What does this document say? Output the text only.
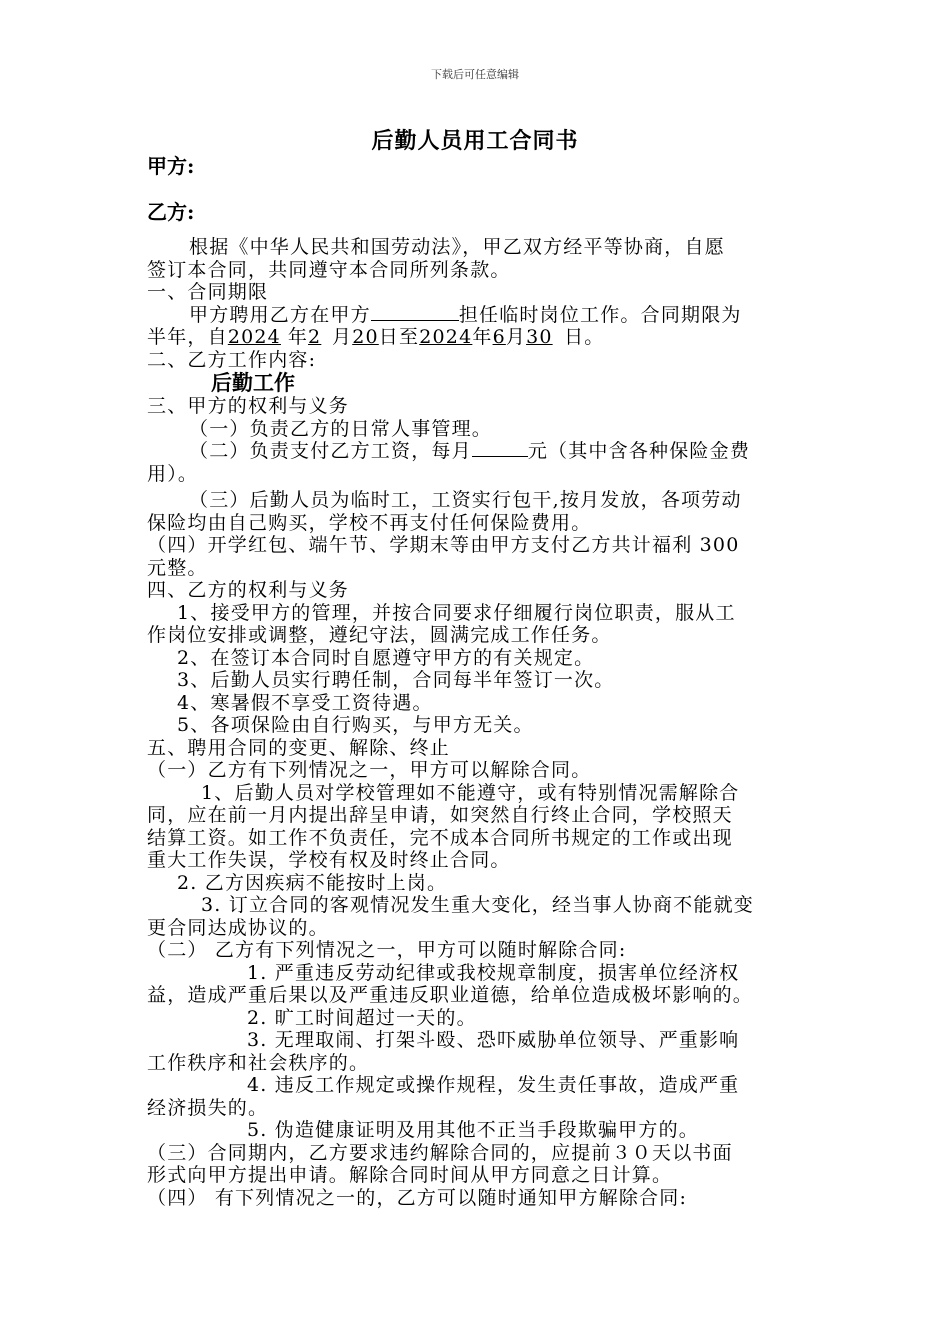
下载后可任意编辑
后勤人员用工合同书
甲方:
乙方:
根据《中华人民共和国劳动法》，甲乙双方经平等协商，自愿
签订本合同，共同遵守本合同所列条款。
一、合同期限
甲方聘用乙方在甲方	担任临时岗位工作。合同期限为
半年，自2024年2 月20日至2024年6月30日。
二、乙方工作内容:
后勤工作
三、甲方的权利与义务
（一）负责乙方的日常人事管理。
（二）负责支付乙方工资，每月	元（其中含各种保险金费
用）。
（三）后勤人员为临时工，工资实行包干,按月发放，各项劳动
保险均由自己购买，学校不再支付任何保险费用。
（四）开学红包、端午节、学期末等由甲方支付乙方共计福利 300
元整。
四、乙方的权利与义务
1、接受甲方的管理，并按合同要求仔细履行岗位职责，服从工
作岗位安排或调整，遵纪守法，圆满完成工作任务。
2、在签订本合同时自愿遵守甲方的有关规定。
3、后勤人员实行聘任制，合同每半年签订一次。
4、寒暑假不享受工资待遇。
5、各项保险由自行购买，与甲方无关。
五、聘用合同的变更、解除、终止
（一）乙方有下列情况之一，甲方可以解除合同。
1、后勤人员对学校管理如不能遵守，或有特别情况需解除合
同，应在前一月内提出辞呈申请，如突然自行终止合同，学校照天
结算工资。如工作不负责任，完不成本合同所书规定的工作或出现
重大工作失误，学校有权及时终止合同。
2. 乙方因疾病不能按时上岗。
3. 订立合同的客观情况发生重大变化，经当事人协商不能就变
更合同达成协议的。
（二） 乙方有下列情况之一，甲方可以随时解除合同:
1. 严重违反劳动纪律或我校规章制度，损害单位经济权
益，造成严重后果以及严重违反职业道德，给单位造成极坏影响的。
2. 旷工时间超过一天的。
3. 无理取闹、打架斗殴、恐吓威胁单位领导、严重影响
工作秩序和社会秩序的。
4. 违反工作规定或操作规程，发生责任事故，造成严重
经济损失的。
5. 伪造健康证明及用其他不正当手段欺骗甲方的。
（三）合同期内，乙方要求违约解除合同的，应提前３０天以书面
形式向甲方提出申请。解除合同时间从甲方同意之日计算。
（四） 有下列情况之一的，乙方可以随时通知甲方解除合同:
